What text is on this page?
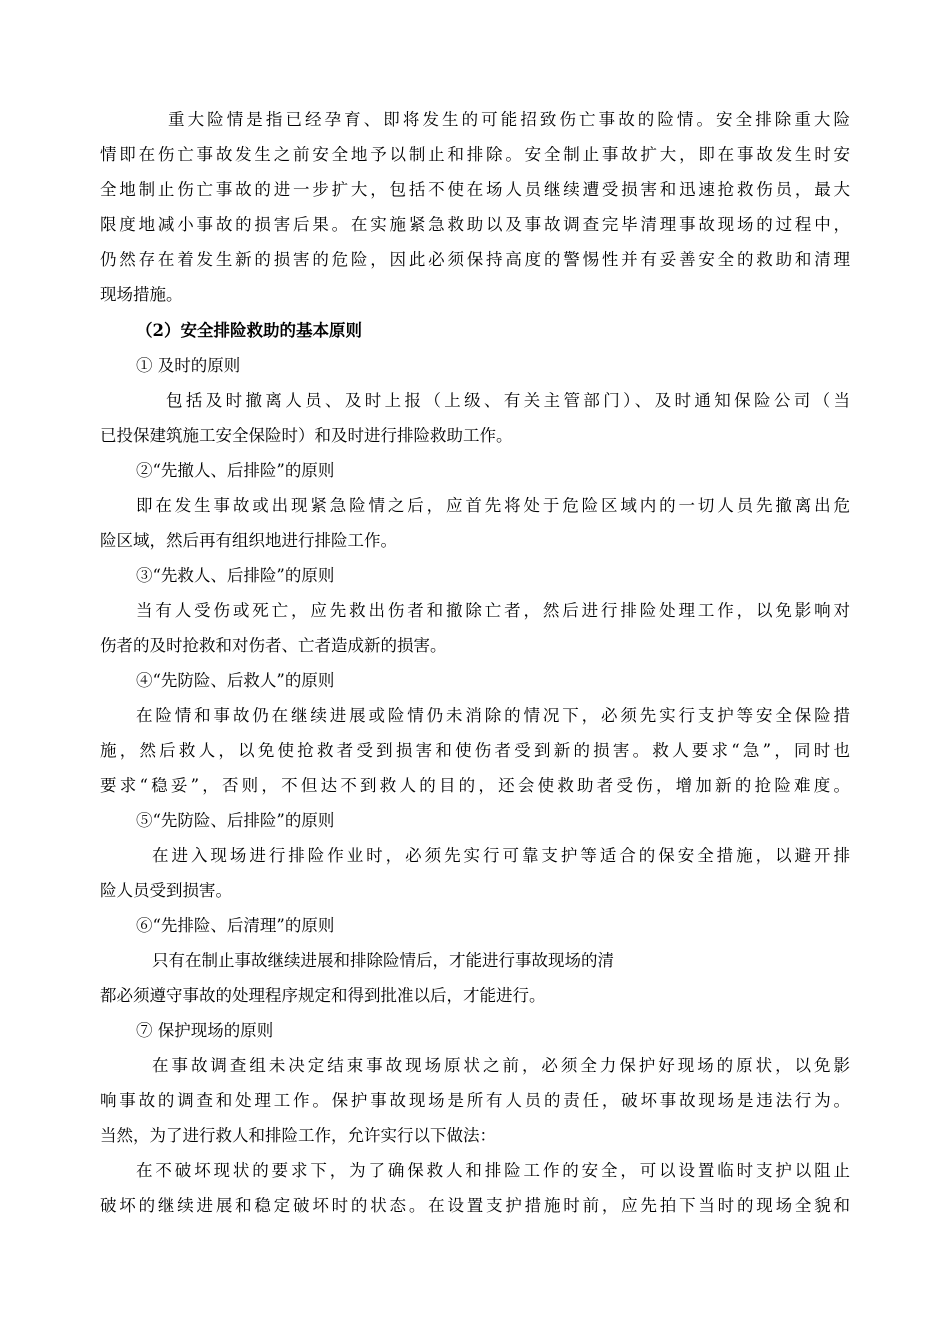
重大险情是指已经孕育、即将发生的可能招致伤亡事故的险情。安全排除重大险
情即在伤亡事故发生之前安全地予以制止和排除。安全制止事故扩大，即在事故发生时安
全地制止伤亡事故的进一步扩大，包括不使在场人员继续遭受损害和迅速抢救伤员，最大
限度地减小事故的损害后果。在实施紧急救助以及事故调查完毕清理事故现场的过程中，
仍然存在着发生新的损害的危险，因此必须保持高度的警惕性并有妥善安全的救助和清理
现场措施。
（2）安全排险救助的基本原则
① 及时的原则
包括及时撤离人员、及时上报（上级、有关主管部门）、及时通知保险公司（当
已投保建筑施工安全保险时）和及时进行排险救助工作。
②“先撤人、后排险”的原则
即在发生事故或出现紧急险情之后，应首先将处于危险区域内的一切人员先撤离出危
险区域，然后再有组织地进行排险工作。
③“先救人、后排险”的原则
当有人受伤或死亡，应先救出伤者和撤除亡者，然后进行排险处理工作，以免影响对
伤者的及时抢救和对伤者、亡者造成新的损害。
④“先防险、后救人”的原则
在险情和事故仍在继续进展或险情仍未消除的情况下，必须先实行支护等安全保险措
施，然后救人，以免使抢救者受到损害和使伤者受到新的损害。救人要求“急”，同时也
要求“稳妥”，否则，不但达不到救人的目的，还会使救助者受伤，增加新的抢险难度。
⑤“先防险、后排险”的原则
在进入现场进行排险作业时，必须先实行可靠支护等适合的保安全措施，以避开排
险人员受到损害。
⑥“先排险、后清理”的原则
只有在制止事故继续进展和排除险情后，才能进行事故现场的清
都必须遵守事故的处理程序规定和得到批准以后，才能进行。
⑦ 保护现场的原则
在事故调查组未决定结束事故现场原状之前，必须全力保护好现场的原状，以免影
响事故的调查和处理工作。保护事故现场是所有人员的责任，破坏事故现场是违法行为。
当然，为了进行救人和排险工作，允许实行以下做法：
在不破坏现状的要求下，为了确保救人和排险工作的安全，可以设置临时支护以阻止
破坏的继续进展和稳定破坏时的状态。在设置支护措施时前，应先拍下当时的现场全貌和
